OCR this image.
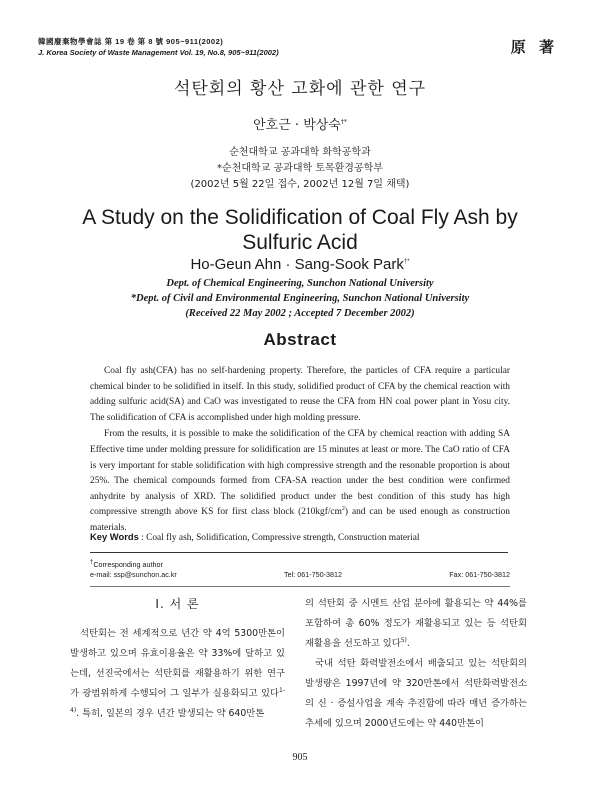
韓國廢棄物學會誌 第 19 卷 第 8 號 905~911(2002)
J. Korea Society of Waste Management Vol. 19, No.8, 905~911(2002)	原 著
석탄회의 황산 고화에 관한 연구
안호근 · 박상숙†*
순천대학교 공과대학 화학공학과
*순천대학교 공과대학 토목환경공학부
(2002년 5월 22일 접수, 2002년 12월 7일 채택)
A Study on the Solidification of Coal Fly Ash by
Sulfuric Acid
Ho-Geun Ahn · Sang-Sook Park†*
Dept. of Chemical Engineering, Sunchon National University
*Dept. of Civil and Environmental Engineering, Sunchon National University
(Received 22 May 2002 ; Accepted 7 December 2002)
Abstract

Coal fly ash(CFA) has no self-hardening property. Therefore, the particles of CFA require a particular chemical binder to be solidified in itself. In this study, solidified product of CFA by the chemical reaction with adding sulfuric acid(SA) and CaO was investigated to reuse the CFA from HN coal power plant in Yosu city. The solidification of CFA is accomplished under high molding pressure.

From the results, it is possible to make the solidification of the CFA by chemical reaction with adding SA Effective time under molding pressure for solidification are 15 minutes at least or more. The CaO ratio of CFA is very important for stable solidification with high compressive strength and the resonable proportion is about 25%. The chemical compounds formed from CFA-SA reaction under the best condition were confirmed anhydrite by analysis of XRD. The solidified product under the best condition of this study has high compressive strength above KS for first class block $(210kgf/cm^2)$ and can be used enough as construction materials.

Key Words : Coal fly ash, Solidification, Compressive strength, Construction material
†Corresponding author
e-mail: ssp@sunchon.ac.kr	Tel: 061-750-3812	Fax: 061-750-3812
Ⅰ. 서 론

석탄회는 전 세계적으로 년간 약 4억 5300만톤이 발생하고 있으며 유효이용율은 약 33%에 달하고 있는데, 선진국에서는 석탄회를 재활용하기 위한 연구가 광범위하게 수행되어 그 일부가 실용화되고 있다$^{1-4)}$. 특히, 일본의 경우 년간 발생되는 약 640만톤

의 석탄회 중 시멘트 산업 분야에 활용되는 약 44%를 포함하여 총 60% 정도가 재활용되고 있는 등 석탄회 재활용을 선도하고 있다$^{5)}$.

국내 석탄 화력발전소에서 배출되고 있는 석탄회의 발생량은 1997년에 약 320만톤에서 석탄화력발전소의 신 · 증설사업을 계속 추진함에 따라 매년 증가하는 추세에 있으며 2000년도에는 약 440만톤이

905
